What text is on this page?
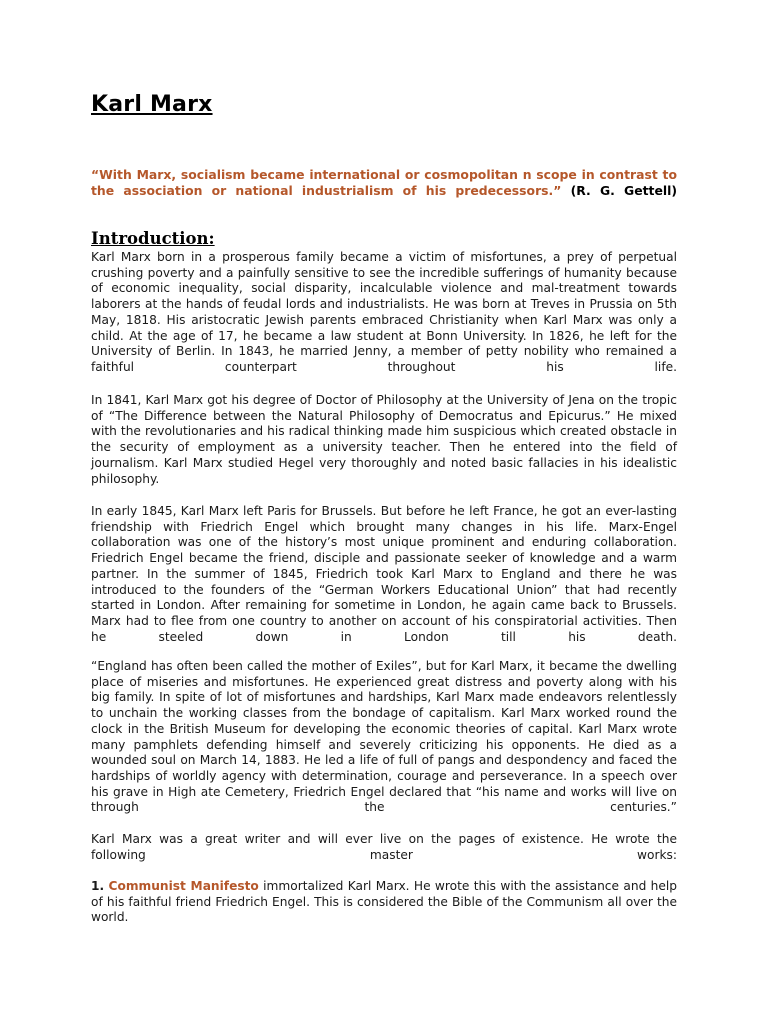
Karl Marx

“With Marx, socialism became international or cosmopolitan n scope in contrast to the association or national industrialism of his predecessors.” (R. G. Gettell)

Introduction:

Karl Marx born in a prosperous family became a victim of misfortunes, a prey of perpetual crushing poverty and a painfully sensitive to see the incredible sufferings of humanity because of economic inequality, social disparity, incalculable violence and mal-treatment towards laborers at the hands of feudal lords and industrialists. He was born at Treves in Prussia on 5th May, 1818. His aristocratic Jewish parents embraced Christianity when Karl Marx was only a child. At the age of 17, he became a law student at Bonn University. In 1826, he left for the University of Berlin. In 1843, he married Jenny, a member of petty nobility who remained a faithful counterpart throughout his life.

In 1841, Karl Marx got his degree of Doctor of Philosophy at the University of Jena on the tropic of “The Difference between the Natural Philosophy of Democratus and Epicurus.” He mixed with the revolutionaries and his radical thinking made him suspicious which created obstacle in the security of employment as a university teacher. Then he entered into the field of journalism. Karl Marx studied Hegel very thoroughly and noted basic fallacies in his idealistic philosophy.

In early 1845, Karl Marx left Paris for Brussels. But before he left France, he got an ever-lasting friendship with Friedrich Engel which brought many changes in his life. Marx-Engel collaboration was one of the history’s most unique prominent and enduring collaboration. Friedrich Engel became the friend, disciple and passionate seeker of knowledge and a warm partner. In the summer of 1845, Friedrich took Karl Marx to England and there he was introduced to the founders of the “German Workers Educational Union” that had recently started in London. After remaining for sometime in London, he again came back to Brussels. Marx had to flee from one country to another on account of his conspiratorial activities. Then he steeled down in London till his death.

“England has often been called the mother of Exiles”, but for Karl Marx, it became the dwelling place of miseries and misfortunes. He experienced great distress and poverty along with his big family. In spite of lot of misfortunes and hardships, Karl Marx made endeavors relentlessly to unchain the working classes from the bondage of capitalism. Karl Marx worked round the clock in the British Museum for developing the economic theories of capital. Karl Marx wrote many pamphlets defending himself and severely criticizing his opponents. He died as a wounded soul on March 14, 1883. He led a life of full of pangs and despondency and faced the hardships of worldly agency with determination, courage and perseverance. In a speech over his grave in High ate Cemetery, Friedrich Engel declared that “his name and works will live on through the centuries.”

Karl Marx was a great writer and will ever live on the pages of existence. He wrote the following master works:

1. Communist Manifesto immortalized Karl Marx. He wrote this with the assistance and help of his faithful friend Friedrich Engel. This is considered the Bible of the Communism all over the world.
